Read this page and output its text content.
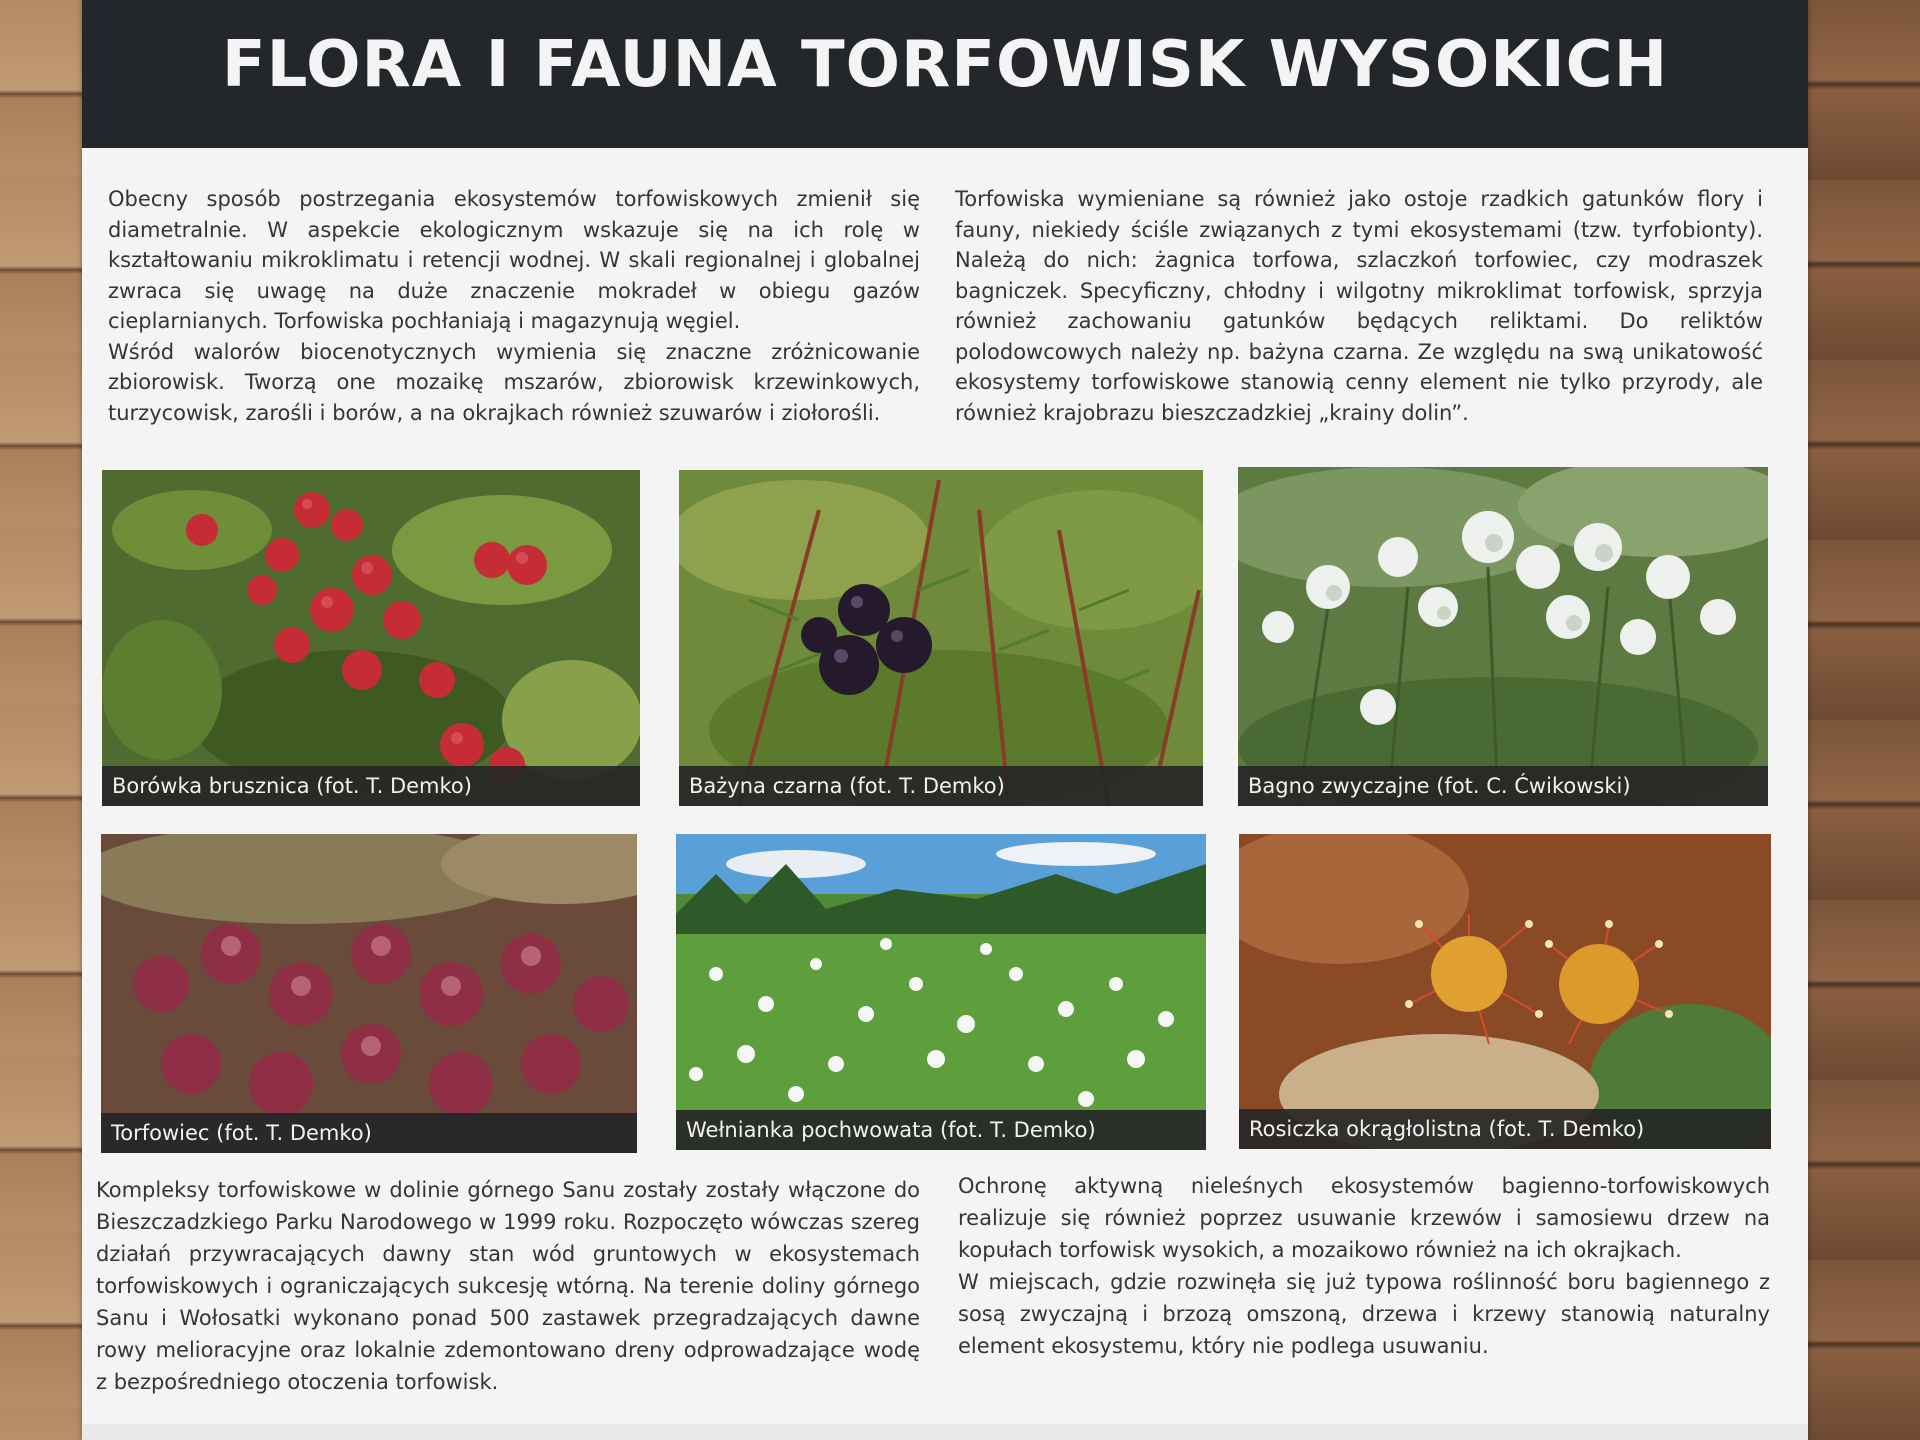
FLORA I FAUNA TORFOWISK WYSOKICH

Obecny sposób postrzegania ekosystemów torfowiskowych zmienił się diametralnie. W aspekcie ekologicznym wskazuje się na ich rolę w kształtowaniu mikroklimatu i retencji wodnej. W skali regionalnej i globalnej zwraca się uwagę na duże znaczenie mokradeł w obiegu gazów cieplarnianych. Torfowiska pochłaniają i magazynują węgiel.

Wśród walorów biocenotycznych wymienia się znaczne zróżnicowanie zbiorowisk. Tworzą one mozaikę mszarów, zbiorowisk krzewinkowych, turzycowisk, zarośli i borów, a na okrajkach również szuwarów i ziołorośli.

Torfowiska wymieniane są również jako ostoje rzadkich gatunków flory i fauny, niekiedy ściśle związanych z tymi ekosystemami (tzw. tyrfobionty). Należą do nich: żagnica torfowa, szlaczkoń torfowiec, czy modraszek bagniczek. Specyficzny, chłodny i wilgotny mikroklimat torfowisk, sprzyja również zachowaniu gatunków będących reliktami. Do reliktów polodowcowych należy np. bażyna czarna. Ze względu na swą unikatowość ekosystemy torfowiskowe stanowią cenny element nie tylko przyrody, ale również krajobrazu bieszczadzkiej „krainy dolin”.

Borówka brusznica (fot. T. Demko)	Bażyna czarna (fot. T. Demko)	Bagno zwyczajne (fot. C. Ćwikowski)
Torfowiec (fot. T. Demko)	Wełnianka pochwowata (fot. T. Demko)	Rosiczka okrągłolistna (fot. T. Demko)

Kompleksy torfowiskowe w dolinie górnego Sanu zostały zostały włączone do Bieszczadzkiego Parku Narodowego w 1999 roku. Rozpoczęto wówczas szereg działań przywracających dawny stan wód gruntowych w ekosystemach torfowiskowych i ograniczających sukcesję wtórną. Na terenie doliny górnego Sanu i Wołosatki wykonano ponad 500 zastawek przegradzających dawne rowy melioracyjne oraz lokalnie zdemontowano dreny odprowadzające wodę z bezpośredniego otoczenia torfowisk.

Ochronę aktywną nieleśnych ekosystemów bagienno-torfowiskowych realizuje się również poprzez usuwanie krzewów i samosiewu drzew na kopułach torfowisk wysokich, a mozaikowo również na ich okrajkach.

W miejscach, gdzie rozwinęła się już typowa roślinność boru bagiennego z sosą zwyczajną i brzozą omszoną, drzewa i krzewy stanowią naturalny element ekosystemu, który nie podlega usuwaniu.
